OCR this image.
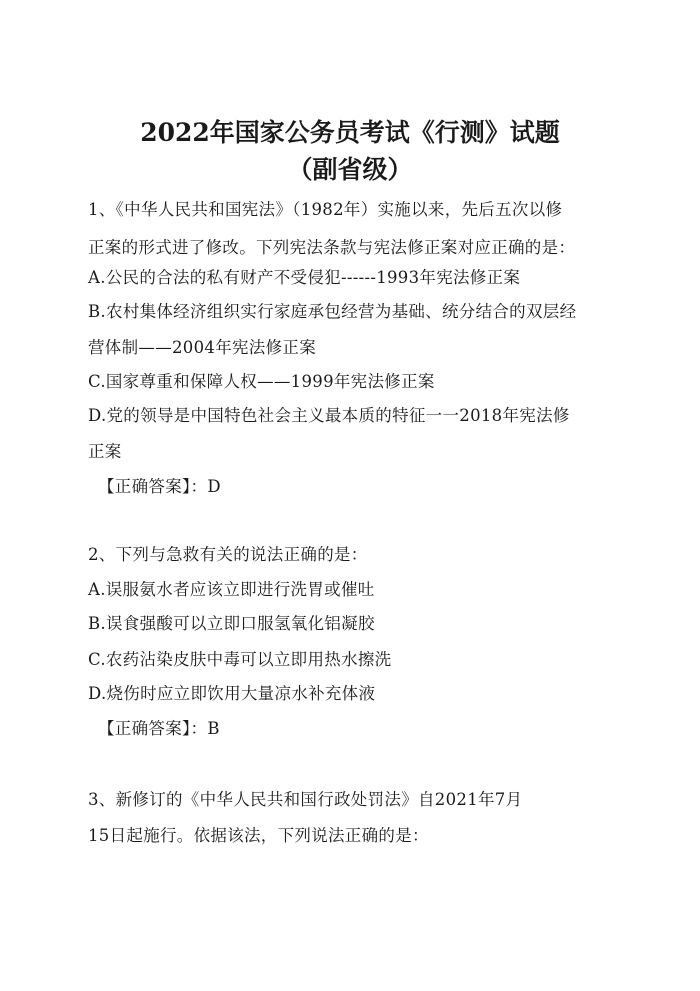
2022年国家公务员考试《行测》试题
（副省级）
1、《中华人民共和国宪法》（1982年）实施以来，先后五次以修
正案的形式进了修改。下列宪法条款与宪法修正案对应正确的是：
A.公民的合法的私有财产不受侵犯------1993年宪法修正案
B.农村集体经济组织实行家庭承包经营为基础、统分结合的双层经
营体制——2004年宪法修正案
C.国家尊重和保障人权——1999年宪法修正案
D.党的领导是中国特色社会主义最本质的特征一一2018年宪法修
正案
【正确答案】：D
2、下列与急救有关的说法正确的是：
A.误服氨水者应该立即进行洗胃或催吐
B.误食强酸可以立即口服氢氧化铝凝胶
C.农药沾染皮肤中毒可以立即用热水擦洗
D.烧伤时应立即饮用大量凉水补充体液
【正确答案】：B
3、新修订的《中华人民共和国行政处罚法》自2021年7月
15日起施行。依据该法，下列说法正确的是：
